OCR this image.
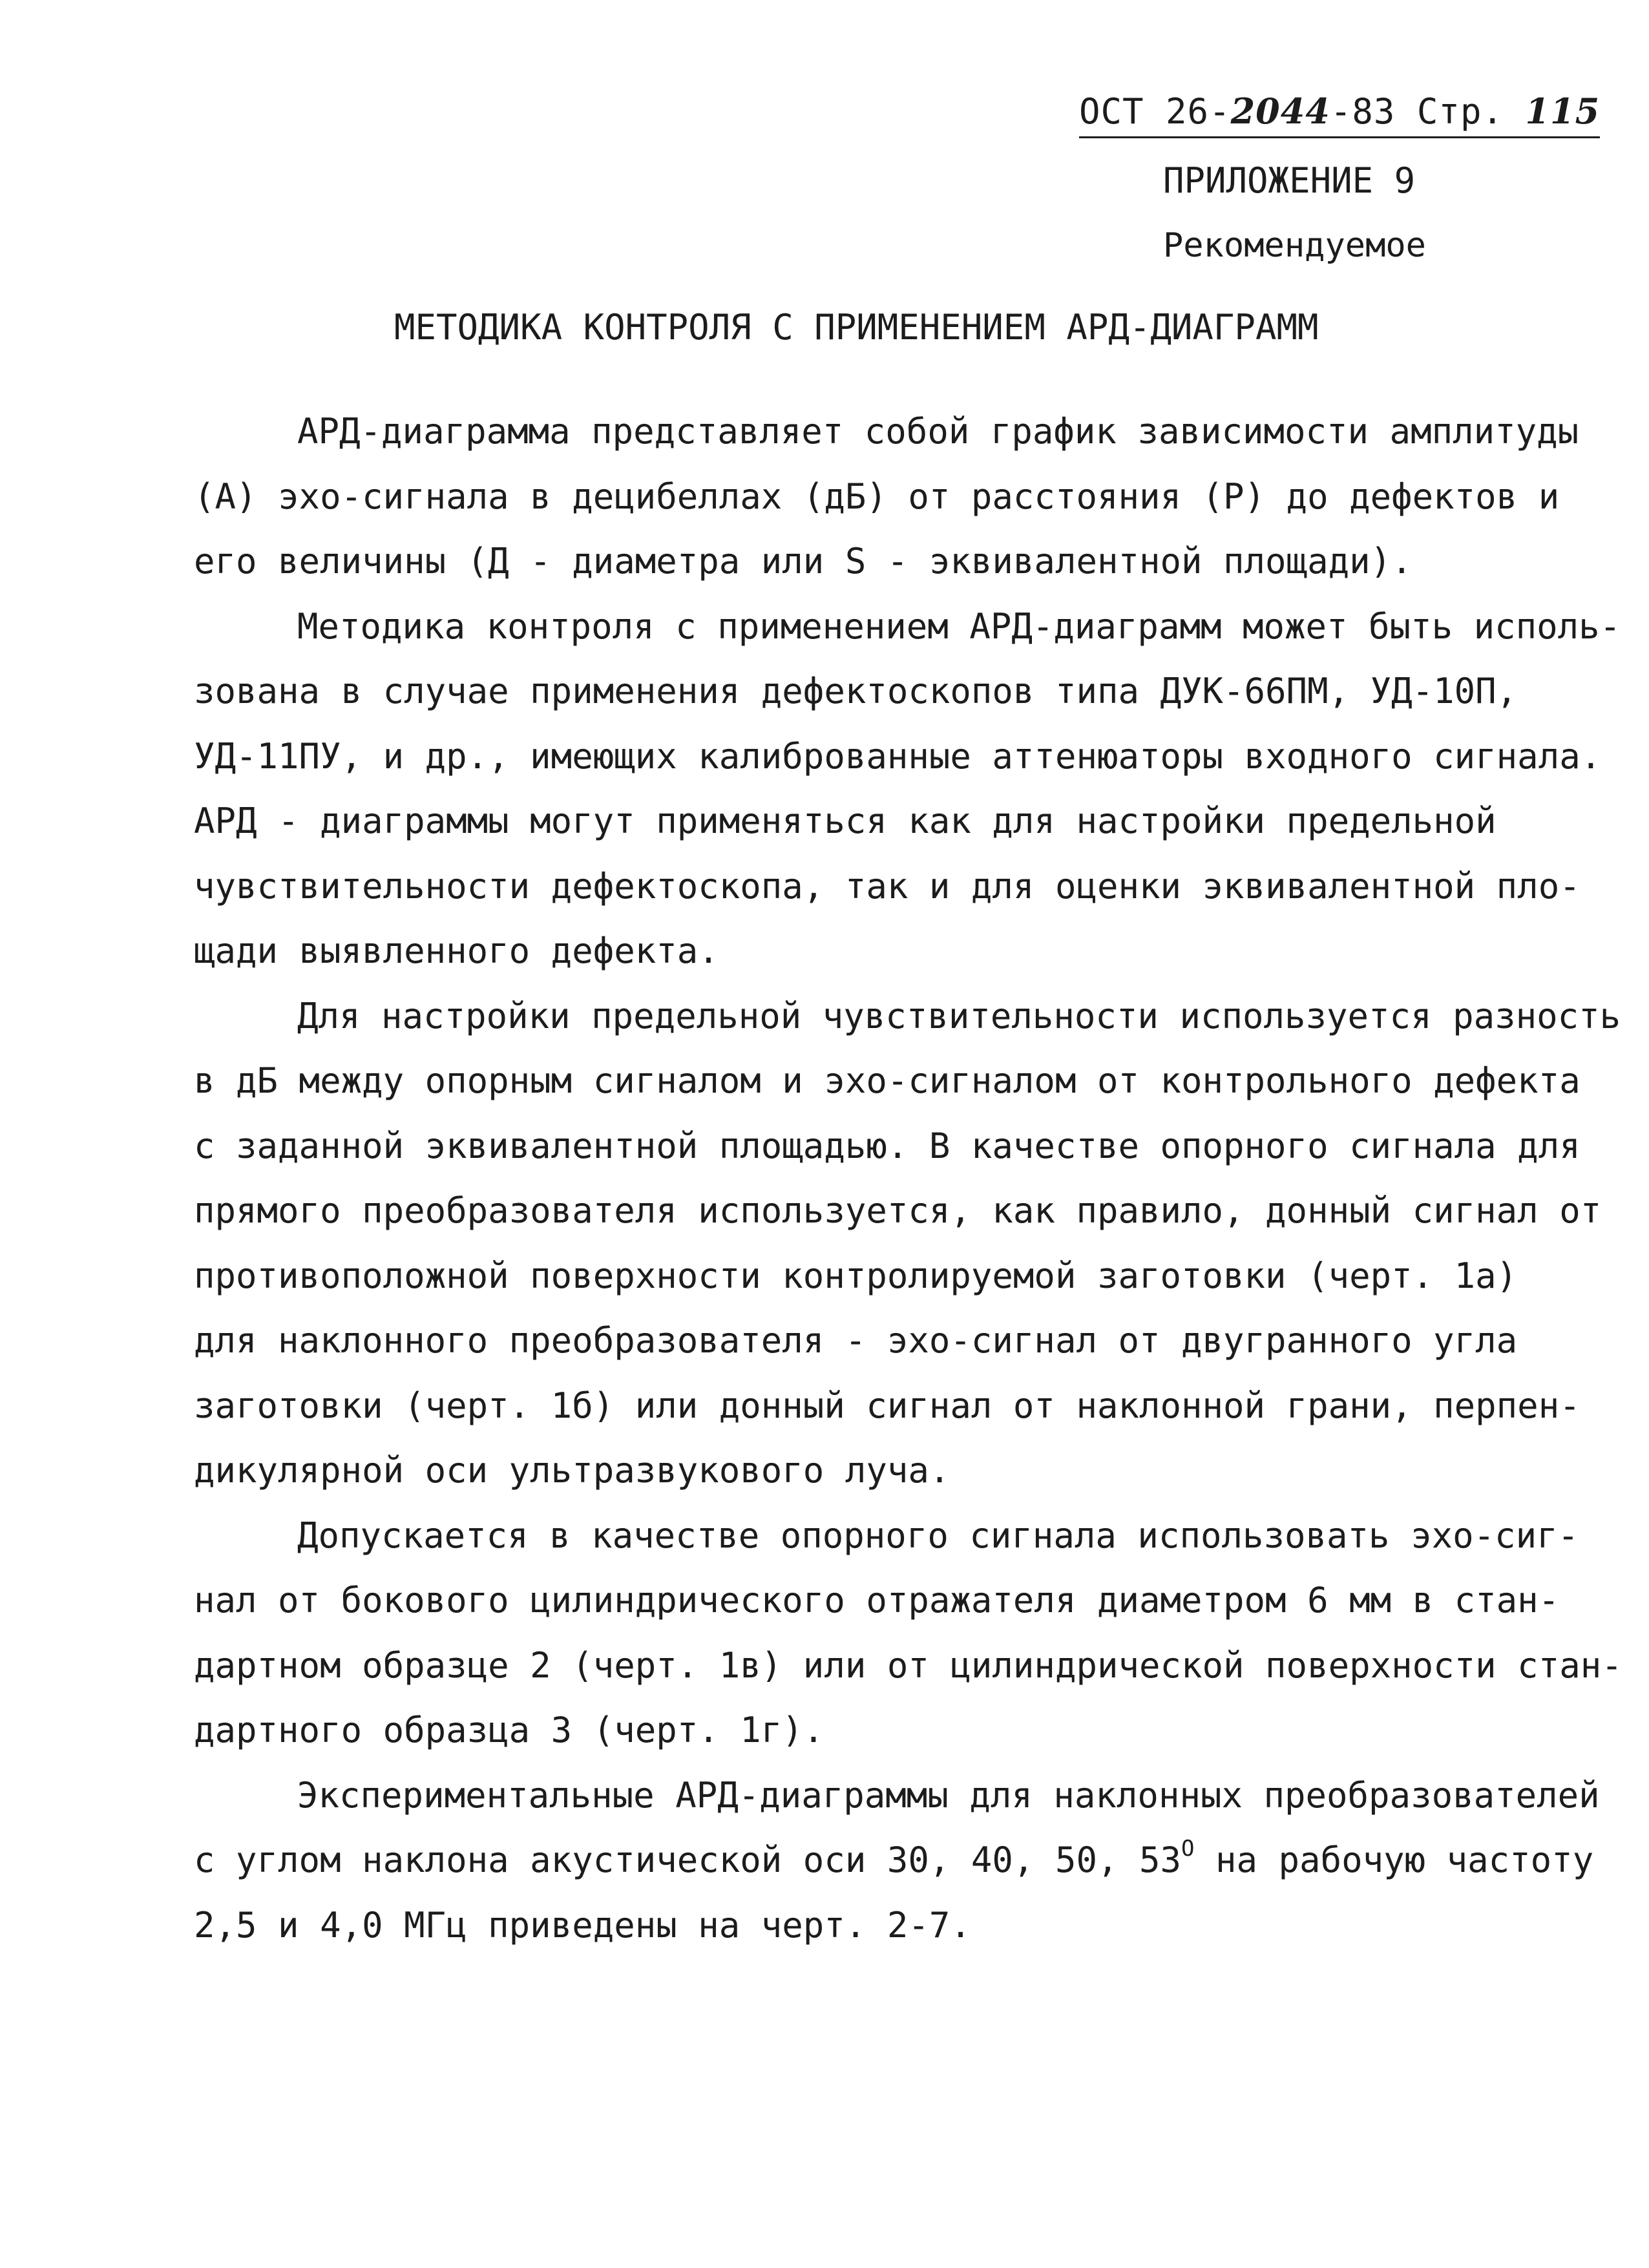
ОСТ 26-2044-83 Стр. 115
ПРИЛОЖЕНИЕ 9
Рекомендуемое
МЕТОДИКА КОНТРОЛЯ С ПРИМЕНЕНИЕМ АРД-ДИАГРАММ
АРД-диаграмма представляет собой график зависимости амплитуды
(А) эхо-сигнала в децибеллах (дБ) от расстояния (Р) до дефектов и
его величины (Д - диаметра или S - эквивалентной площади).
Методика контроля с применением АРД-диаграмм может быть исполь-
зована в случае применения дефектоскопов типа ДУК-66ПМ, УД-10П,
УД-11ПУ, и др., имеющих калиброванные аттенюаторы входного сигнала.
АРД - диаграммы могут применяться как для настройки предельной
чувствительности дефектоскопа, так и для оценки эквивалентной пло-
щади выявленного дефекта.
Для настройки предельной чувствительности используется разность
в дБ между опорным сигналом и эхо-сигналом от контрольного дефекта
с заданной эквивалентной площадью. В качестве опорного сигнала для
прямого преобразователя используется, как правило, донный сигнал от
противоположной поверхности контролируемой заготовки (черт. 1а)
для наклонного преобразователя - эхо-сигнал от двугранного угла
заготовки (черт. 1б) или донный сигнал от наклонной грани, перпен-
дикулярной оси ультразвукового луча.
Допускается в качестве опорного сигнала использовать эхо-сиг-
нал от бокового цилиндрического отражателя диаметром 6 мм в стан-
дартном образце 2 (черт. 1в) или от цилиндрической поверхности стан-
дартного образца 3 (черт. 1г).
Экспериментальные АРД-диаграммы для наклонных преобразователей
с углом наклона акустической оси 30, 40, 50, $53^О$ на рабочую частоту
2,5 и 4,0 МГц приведены на черт. 2-7.
